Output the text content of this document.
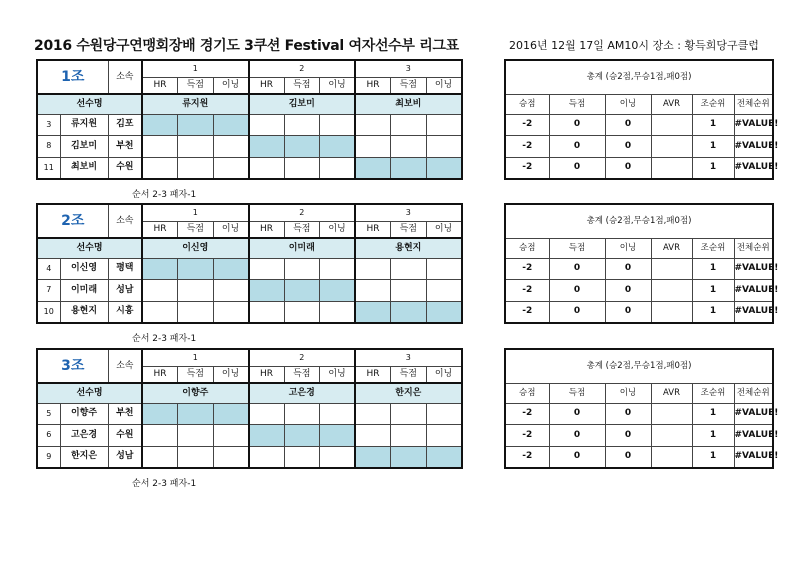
2016 수원당구연맹회장배 경기도 3쿠션 Festival 여자선수부 리그표	2016년 12월 17일 AM10시 장소 : 황득희당구클럽
1조		소속	1			2			3		
			HR	득점	이닝	HR	득점	이닝	HR	득점	이닝
선수명			류지원			김보미			최보비		
3	류지원	김포									
8	김보미	부천									
11	최보비	수원									
총계 (승2점,무승1점,패0점)					
승점	득점	이닝	AVR	조순위	전체순위
-2	0	0		1	#VALUE!
-2	0	0		1	#VALUE!
-2	0	0		1	#VALUE!
순서 2-3 패자-1
2조		소속	1			2			3		
			HR	득점	이닝	HR	득점	이닝	HR	득점	이닝
선수명			이신영			이미래			용현지		
4	이신영	평택									
7	이미래	성남									
10	용현지	시흥									
총계 (승2점,무승1점,패0점)					
승점	득점	이닝	AVR	조순위	전체순위
-2	0	0		1	#VALUE!
-2	0	0		1	#VALUE!
-2	0	0		1	#VALUE!
순서 2-3 패자-1
3조		소속	1			2			3		
			HR	득점	이닝	HR	득점	이닝	HR	득점	이닝
선수명			이향주			고은경			한지은		
5	이향주	부천									
6	고은경	수원									
9	한지은	성남									
총계 (승2점,무승1점,패0점)					
승점	득점	이닝	AVR	조순위	전체순위
-2	0	0		1	#VALUE!
-2	0	0		1	#VALUE!
-2	0	0		1	#VALUE!
순서 2-3 패자-1
